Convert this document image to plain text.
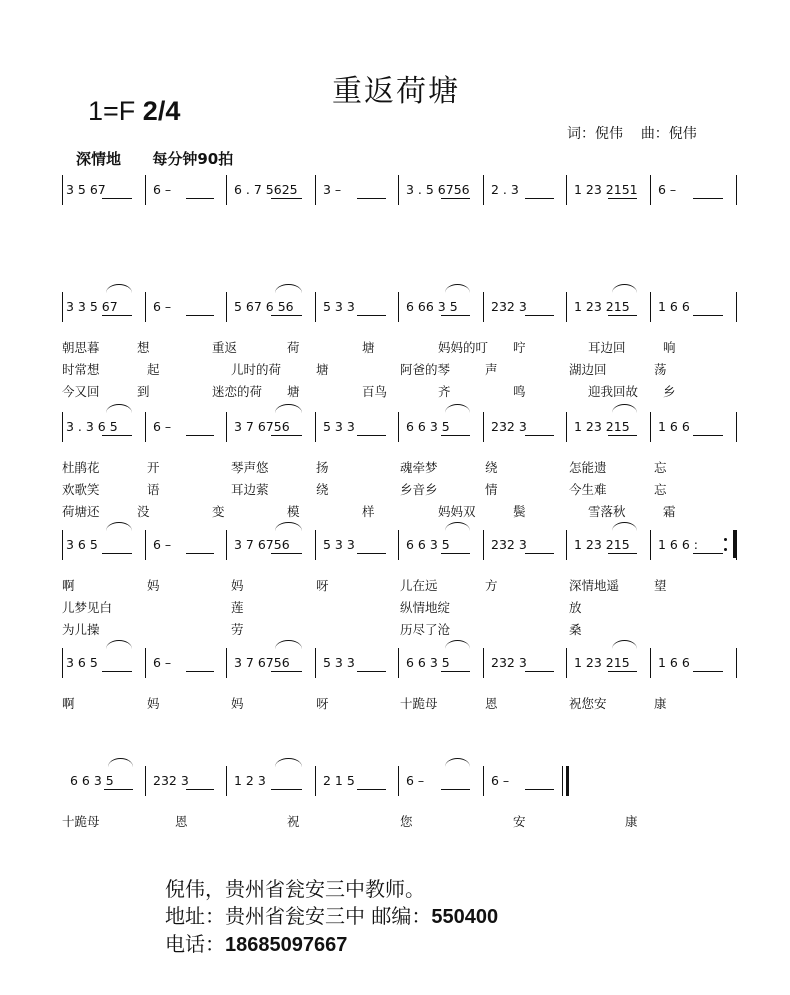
重返荷塘
1=F 2/4
词：倪伟 曲：倪伟
深情地 每分钟90拍
3 5 67	6 –	6 . 7 5625 3 –	3 . 5 6756 2 . 3	1 23 2151 6 –
3 3 5 67	6 –	5 67 6 56 5 3 3	6 66 3 5	232 3	1 23 215 1 6 6
朝思暮	想	重返	荷	塘	妈妈的叮 咛	耳边回	响
时常想	起	儿时的荷	塘	阿爸的琴	声	湖边回	荡
今又回	到	迷恋的荷 塘	百鸟	齐	鸣	迎我回故 乡
3 . 3 6 5	6 –	3 7 6756	5 3 3	6 6 3 5	232 3	1 23 215 1 6 6
杜鹃花	开	琴声悠	扬	魂牵梦	绕	怎能遗	忘
欢歌笑	语	耳边萦	绕	乡音乡	情	今生难	忘
荷塘还	没	变	模	样	妈妈双	鬓	雪落秋	霜
3 6 5	6 –	3 7 6756	5 3 3	6 6 3 5	232 3	1 23 215 1 6 6 :
啊	妈	妈	呀	儿在远	方	深情地遥	望
儿梦见白	莲	纵情地绽	放
为儿操	劳	历尽了沧	桑
3 6 5	6 –	3 7 6756	5 3 3	6 6 3 5	232 3	1 23 215 1 6 6
啊	妈	妈	呀	十跪母	恩	祝您安	康
6 6 3 5	232 3	1 2 3	2 1 5	6 –	6 –
十跪母	恩	祝	您	安	康
倪伟，贵州省瓮安三中教师。
地址：贵州省瓮安三中 邮编：550400
电话：18685097667
